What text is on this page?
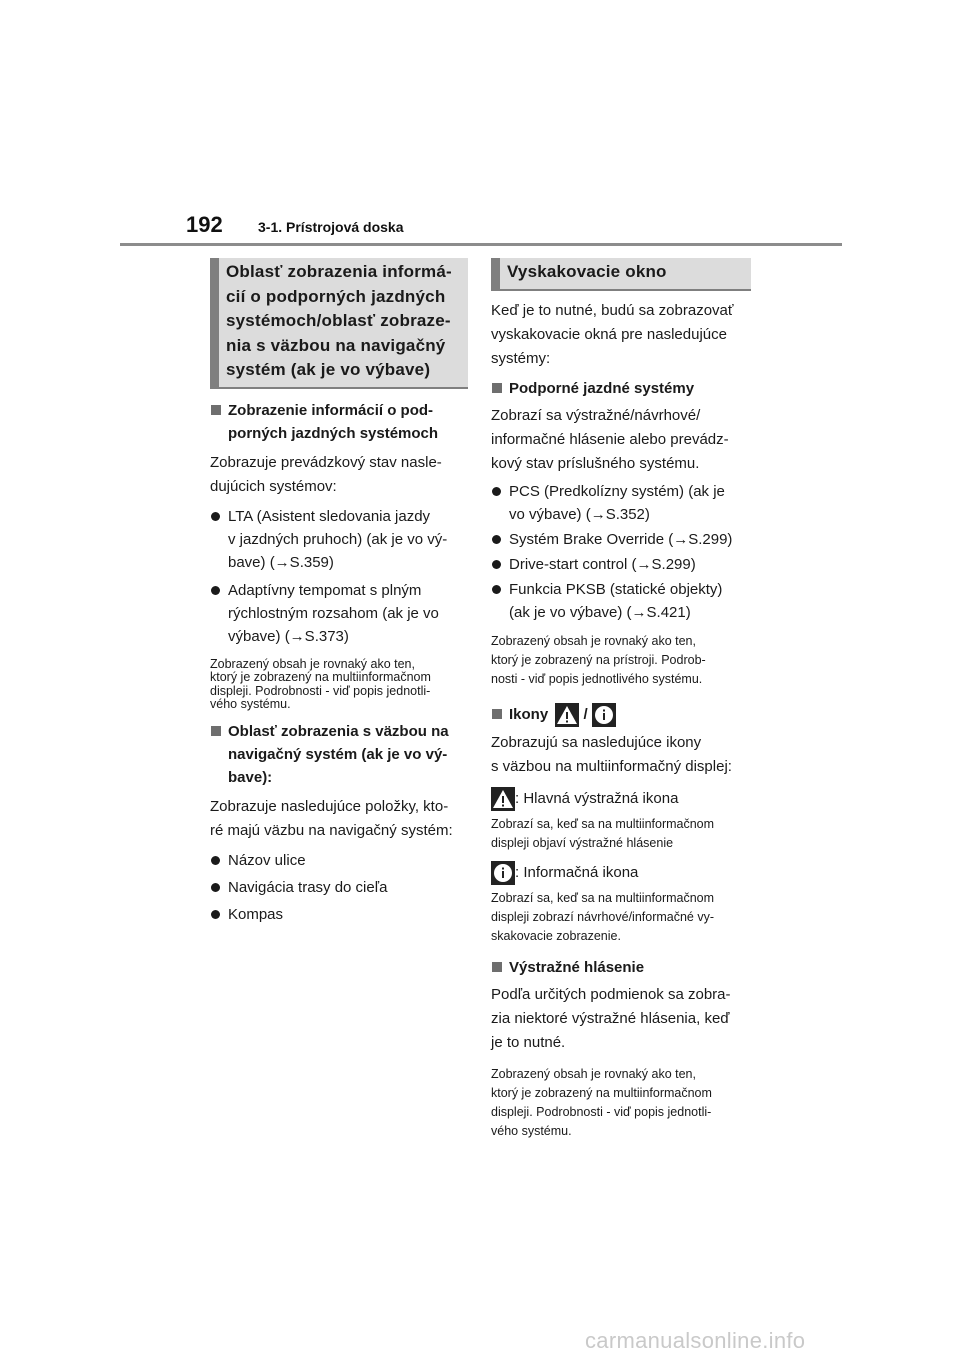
192	3-1. Prístrojová doska
Oblasť zobrazenia informá-
cií o podporných jazdných
systémoch/oblasť zobraze-
nia s väzbou na navigačný
systém (ak je vo výbave)
Zobrazenie informácií o pod-
porných jazdných systémoch
Zobrazuje prevádzkový stav nasle-
dujúcich systémov:
LTA (Asistent sledovania jazdy
v jazdných pruhoch) (ak je vo vý-
bave) (→S.359)
Adaptívny tempomat s plným
rýchlostným rozsahom (ak je vo
výbave) (→S.373)
Zobrazený obsah je rovnaký ako ten,
ktorý je zobrazený na multiinformačnom
displeji. Podrobnosti - viď popis jednotli-
vého systému.
Oblasť zobrazenia s väzbou na
navigačný systém (ak je vo vý-
bave):
Zobrazuje nasledujúce položky, kto-
ré majú väzbu na navigačný systém:
Názov ulice
Navigácia trasy do cieľa
Kompas
Vyskakovacie okno
Keď je to nutné, budú sa zobrazovať
vyskakovacie okná pre nasledujúce
systémy:
Podporné jazdné systémy
Zobrazí sa výstražné/návrhové/
informačné hlásenie alebo prevádz-
kový stav príslušného systému.
PCS (Predkolízny systém) (ak je
vo výbave) (→S.352)
Systém Brake Override (→S.299)
Drive-start control (→S.299)
Funkcia PKSB (statické objekty)
(ak je vo výbave) (→S.421)
Zobrazený obsah je rovnaký ako ten,
ktorý je zobrazený na prístroji. Podrob-
nosti - viď popis jednotlivého systému.
Ikony /
Zobrazujú sa nasledujúce ikony
s väzbou na multiinformačný displej:
: Hlavná výstražná ikona
Zobrazí sa, keď sa na multiinformačnom
displeji objaví výstražné hlásenie
: Informačná ikona
Zobrazí sa, keď sa na multiinformačnom
displeji zobrazí návrhové/informačné vy-
skakovacie zobrazenie.
Výstražné hlásenie
Podľa určitých podmienok sa zobra-
zia niektoré výstražné hlásenia, keď
je to nutné.
Zobrazený obsah je rovnaký ako ten,
ktorý je zobrazený na multiinformačnom
displeji. Podrobnosti - viď popis jednotli-
vého systému.
carmanualsonline.info
